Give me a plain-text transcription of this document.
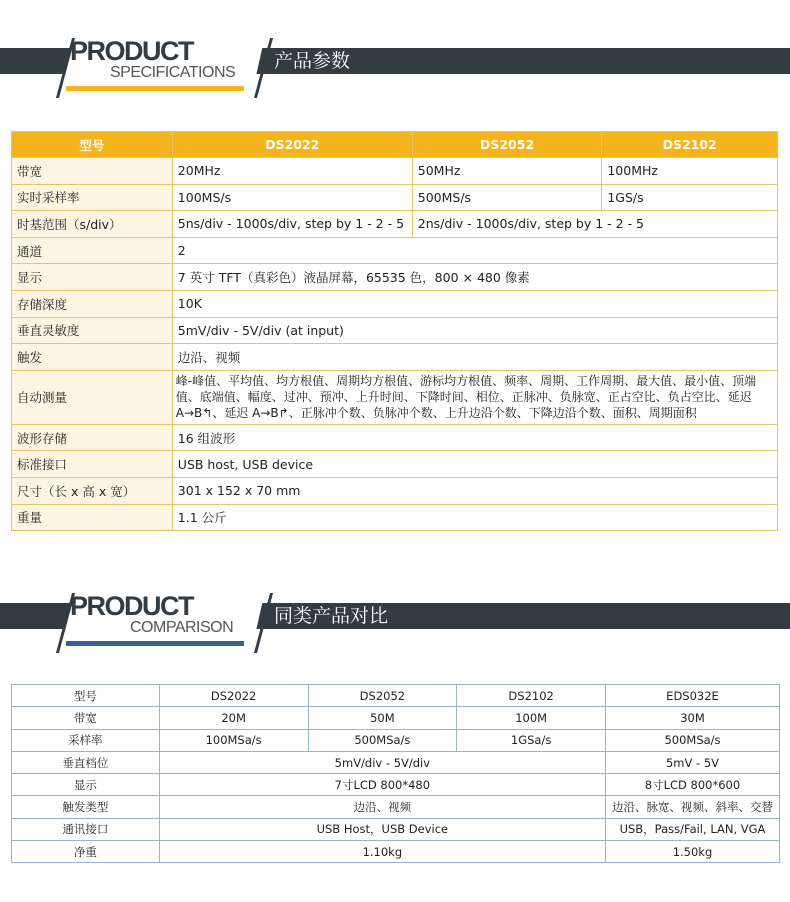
PRODUCT
SPECIFICATIONS
产品参数
型号	DS2022	DS2052	DS2102
带宽	20MHz	50MHz	100MHz
实时采样率	100MS/s	500MS/s	1GS/s
时基范围（s/div）	5ns/div - 1000s/div, step by 1 - 2 - 5	2ns/div - 1000s/div, step by 1 - 2 - 5	
通道	2		
显示	7 英寸 TFT（真彩色）液晶屏幕，65535 色，800 × 480 像素		
存储深度	10K		
垂直灵敏度	5mV/div - 5V/div (at input)		
触发	边沿、视频		
自动测量	峰-峰值、平均值、均方根值、周期均方根值、游标均方根值、频率、周期、工作周期、最大值、最小值、顶端值、底端值、幅度、过冲、预冲、上升时间、下降时间、相位、正脉冲、负脉宽、正占空比、负占空比、延迟 A→B↰、延迟 A→B↱、正脉冲个数、负脉冲个数、上升边沿个数、下降边沿个数、面积、周期面积		
波形存储	16 组波形		
标准接口	USB host, USB device		
尺寸（长 x 高 x 宽）	301 x 152 x 70 mm		
重量	1.1 公斤		
PRODUCT
COMPARISON
同类产品对比
型号	DS2022	DS2052	DS2102	EDS032E
带宽	20M	50M	100M	30M
采样率	100MSa/s	500MSa/s	1GSa/s	500MSa/s
垂直档位	5mV/div - 5V/div			5mV - 5V
显示	7寸LCD 800*480			8寸LCD 800*600
触发类型	边沿、视频			边沿、脉宽、视频、斜率、交替
通讯接口	USB Host，USB Device			USB，Pass/Fail, LAN, VGA
净重	1.10kg			1.50kg
